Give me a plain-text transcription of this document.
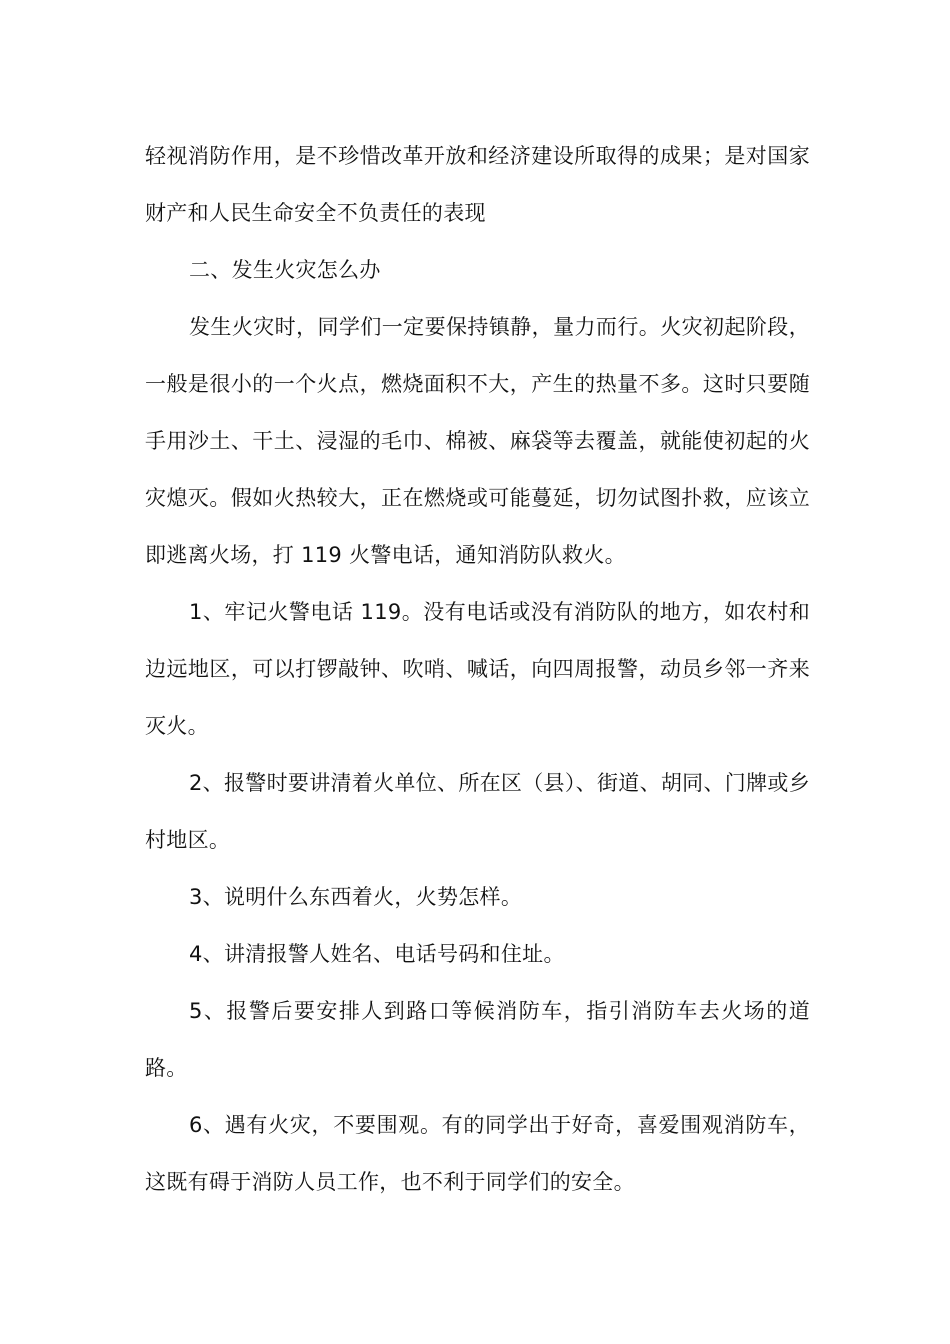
轻视消防作用，是不珍惜改革开放和经济建设所取得的成果；是对国家财产和人民生命安全不负责任的表现

二、发生火灾怎么办

发生火灾时，同学们一定要保持镇静，量力而行。火灾初起阶段，一般是很小的一个火点，燃烧面积不大，产生的热量不多。这时只要随手用沙土、干土、浸湿的毛巾、棉被、麻袋等去覆盖，就能使初起的火灾熄灭。假如火热较大，正在燃烧或可能蔓延，切勿试图扑救，应该立即逃离火场，打 119 火警电话，通知消防队救火。

1、牢记火警电话 119。没有电话或没有消防队的地方，如农村和边远地区，可以打锣敲钟、吹哨、喊话，向四周报警，动员乡邻一齐来灭火。

2、报警时要讲清着火单位、所在区（县）、街道、胡同、门牌或乡村地区。

3、说明什么东西着火，火势怎样。

4、讲清报警人姓名、电话号码和住址。

5、报警后要安排人到路口等候消防车，指引消防车去火场的道路。

6、遇有火灾，不要围观。有的同学出于好奇，喜爱围观消防车，这既有碍于消防人员工作，也不利于同学们的安全。
